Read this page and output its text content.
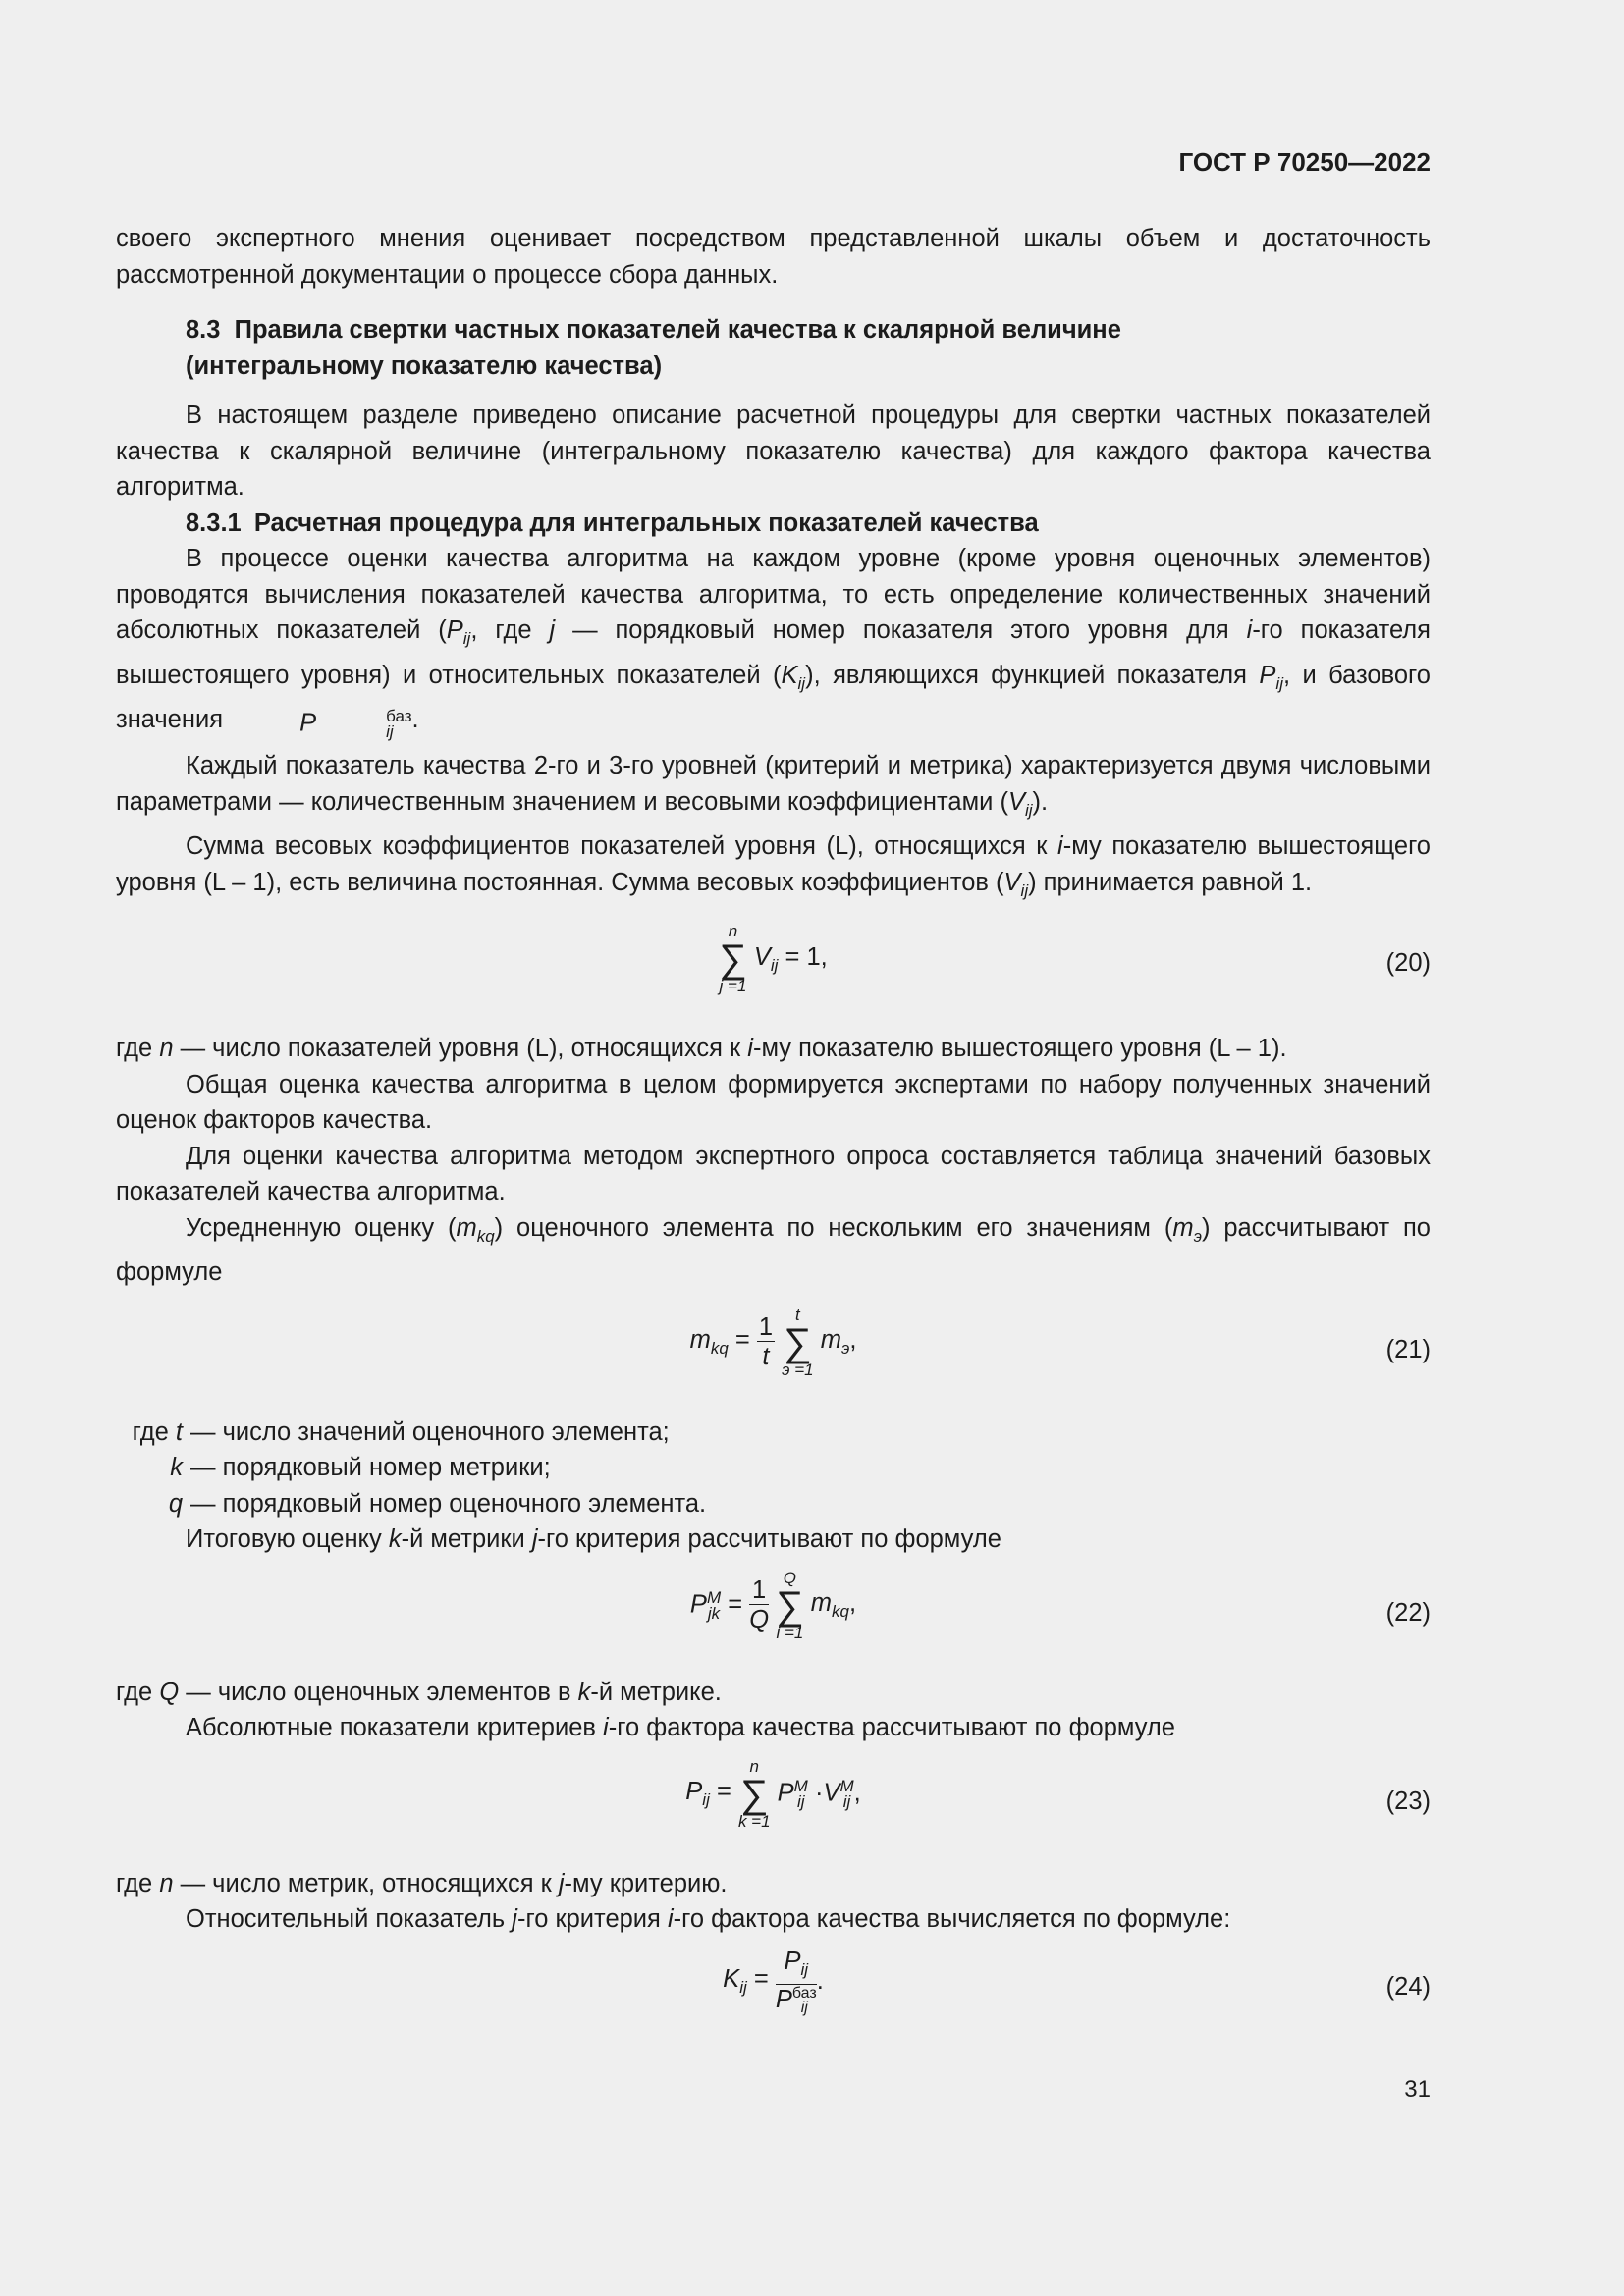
ГОСТ Р 70250—2022

своего экспертного мнения оценивает посредством представленной шкалы объем и достаточность рассмотренной документации о процессе сбора данных.

8.3 Правила свертки частных показателей качества к скалярной величине
(интегральному показателю качества)

В настоящем разделе приведено описание расчетной процедуры для свертки частных показателей качества к скалярной величине (интегральному показателю качества) для каждого фактора качества алгоритма.

8.3.1 Расчетная процедура для интегральных показателей качества

В процессе оценки качества алгоритма на каждом уровне (кроме уровня оценочных элементов) проводятся вычисления показателей качества алгоритма, то есть определение количественных значений абсолютных показателей ($P_{ij}$, где j — порядковый номер показателя этого уровня для i-го показателя вышестоящего уровня) и относительных показателей $(K_{ij})$, являющихся функцией показателя $P_{ij}$, и базового значения	P	баз
ij .

Каждый показатель качества 2-го и 3-го уровней (критерий и метрика) характеризуется двумя числовыми параметрами — количественным значением и весовыми коэффициентами $(V_{ij})$.

Сумма весовых коэффициентов показателей уровня (L), относящихся к i-му показателю вышестоящего уровня (L – 1), есть величина постоянная. Сумма весовых коэффициентов $(V_{ij})$ принимается равной 1.

n
∑
j =1
$V_{ij} = 1$,	(20)

где n — число показателей уровня (L), относящихся к i-му показателю вышестоящего уровня (L – 1).

Общая оценка качества алгоритма в целом формируется экспертами по набору полученных значений оценок факторов качества.

Для оценки качества алгоритма методом экспертного опроса составляется таблица значений базовых показателей качества алгоритма.

Усредненную оценку $(m_{kq})$ оценочного элемента по нескольким его значениям $(m_э)$ рассчитывают по формуле

$m_{kq} = \frac{1}{t}$
	t
∑
э =1
$m_э$,	(21)
где t — число значений оценочного элемента;
k — порядковый номер метрики;
q — порядковый номер оценочного элемента.

Итоговую оценку k-й метрики j-го критерия рассчитывают по формуле

P M
jk = $\frac{1}{Q}$
Q
∑
i =1
$m_{kq}$,	(22)

где Q — число оценочных элементов в k-й метрике.

Абсолютные показатели критериев i-го фактора качества рассчитывают по формуле

$P_{ij}$ =
n
∑
k =1
P M
ij ·V M
ij ,	(23)

где n — число метрик, относящихся к j-му критерию.

Относительный показатель j-го критерия i-го фактора качества вычисляется по формуле:

$K_{ij} = P_{ij}$
P баз
ij .	(24)
31
